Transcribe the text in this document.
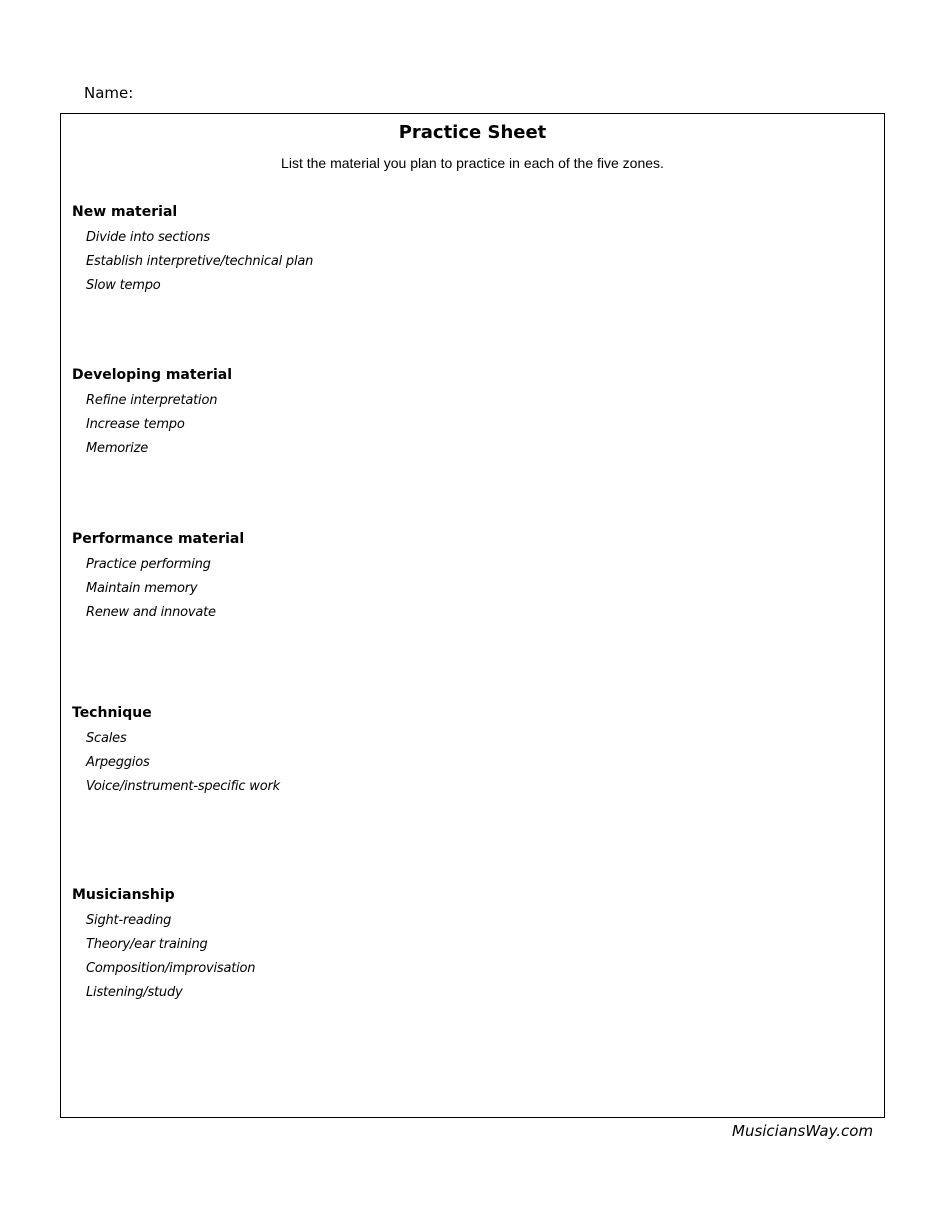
Name:
Practice Sheet
List the material you plan to practice in each of the five zones.
New material
Divide into sections
Establish interpretive/technical plan
Slow tempo
Developing material
Refine interpretation
Increase tempo
Memorize
Performance material
Practice performing
Maintain memory
Renew and innovate
Technique
Scales
Arpeggios
Voice/instrument-specific work
Musicianship
Sight-reading
Theory/ear training
Composition/improvisation
Listening/study
MusiciansWay.com
